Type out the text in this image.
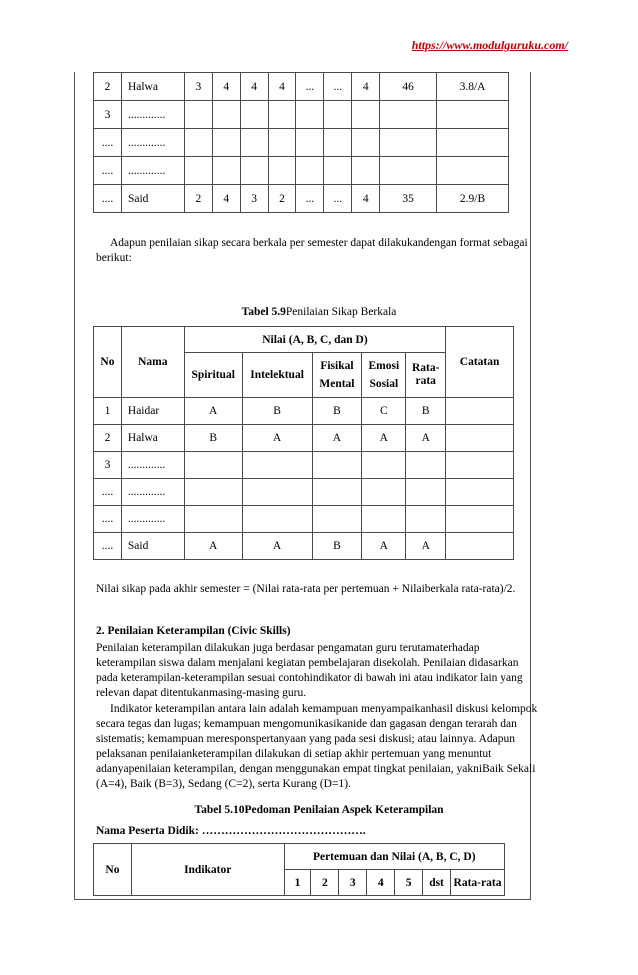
https://www.modulguruku.com/
2	Halwa	3	4	4	4	...	...	4	46	3.8/A
3	.............									
....	.............									
....	.............									
....	Said	2	4	3	2	...	...	4	35	2.9/B
Adapun penilaian sikap secara berkala per semester dapat dilakukandengan format sebagai berikut:
Tabel 5.9Penilaian Sikap Berkala
No	Nama	Nilai (A, B, C, dan D)					Catatan
		Spiritual	Intelektual	Fisikal Mental	Emosi Sosial	Rata-rata	
1	Haidar	A	B	B	C	B	
2	Halwa	B	A	A	A	A	
3	.............						
....	.............						
....	.............						
....	Said	A	A	B	A	A	
Nilai sikap pada akhir semester = (Nilai rata-rata per pertemuan + Nilaiberkala rata-rata)/2.
2. Penilaian Keterampilan (Civic Skills)
Penilaian keterampilan dilakukan juga berdasar pengamatan guru terutamaterhadap keterampilan siswa dalam menjalani kegiatan pembelajaran disekolah. Penilaian didasarkan pada keterampilan-keterampilan sesuai contohindikator di bawah ini atau indikator lain yang relevan dapat ditentukanmasing-masing guru.
Indikator keterampilan antara lain adalah kemampuan menyampaikanhasil diskusi kelompok secara tegas dan lugas; kemampuan mengomunikasikanide dan gagasan dengan terarah dan sistematis; kemampuan meresponspertanyaan yang pada sesi diskusi; atau lainnya. Adapun pelaksanan penilaianketerampilan dilakukan di setiap akhir pertemuan yang menuntut adanyapenilaian keterampilan, dengan menggunakan empat tingkat penilaian, yakniBaik Sekali (A=4), Baik (B=3), Sedang (C=2), serta Kurang (D=1).
Tabel 5.10Pedoman Penilaian Aspek Keterampilan
Nama Peserta Didik: …………………………………….
No	Indikator	Pertemuan dan Nilai (A, B, C, D)						
		1	2	3	4	5	dst	Rata-rata
